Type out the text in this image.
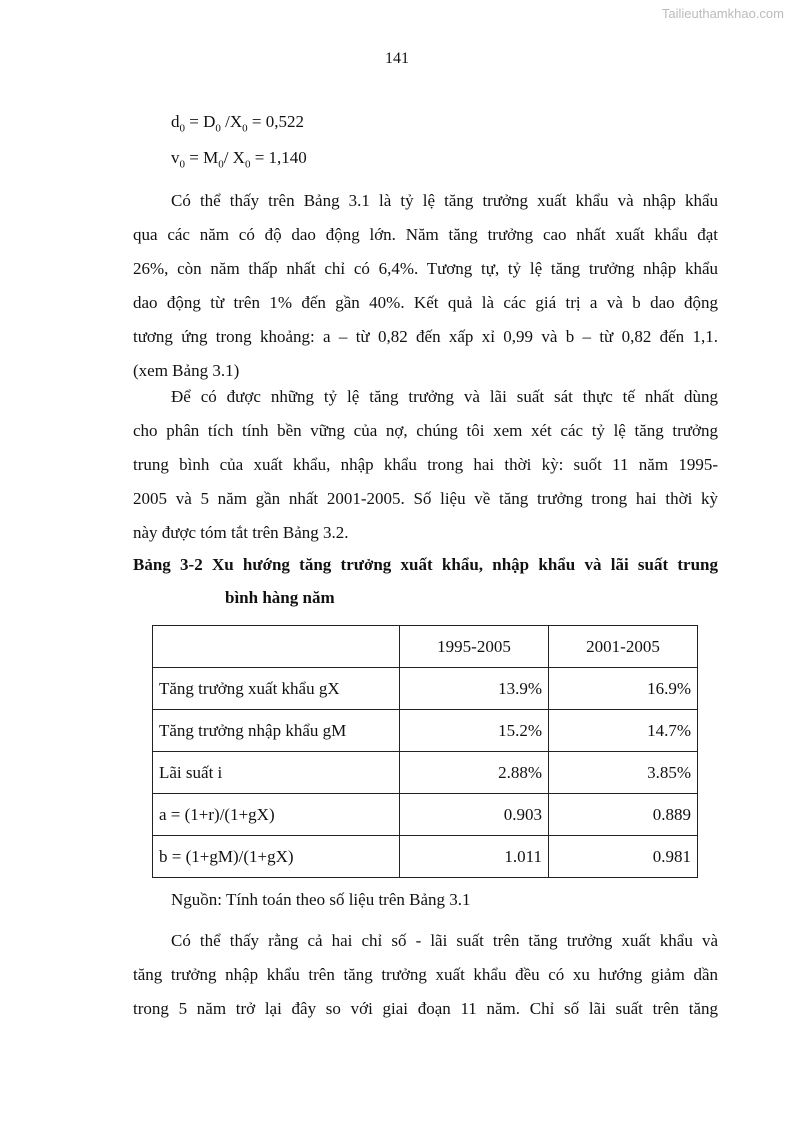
Tailieuthamkhao.com
141
$d_0 = D_0$ $/X_0 = 0,522$
$v_0 = M_0/$ $X_0 = 1,140$
Có thể thấy trên Bảng 3.1 là tỷ lệ tăng trưởng xuất khẩu và nhập khẩu
qua các năm có độ dao động lớn. Năm tăng trưởng cao nhất xuất khẩu đạt
26%, còn năm thấp nhất chỉ có 6,4%. Tương tự, tỷ lệ tăng trưởng nhập khẩu
dao động từ trên 1% đến gần 40%. Kết quả là các giá trị a và b dao động
tương ứng trong khoảng: a – từ 0,82 đến xấp xỉ 0,99 và b – từ 0,82 đến 1,1.
(xem Bảng 3.1)
Để có được những tỷ lệ tăng trưởng và lãi suất sát thực tế nhất dùng
cho phân tích tính bền vững của nợ, chúng tôi xem xét các tỷ lệ tăng trưởng
trung bình của xuất khẩu, nhập khẩu trong hai thời kỳ: suốt 11 năm 1995-
2005 và 5 năm gần nhất 2001-2005. Số liệu về tăng trưởng trong hai thời kỳ
này được tóm tắt trên Bảng 3.2.
Bảng 3-2 Xu hướng tăng trưởng xuất khẩu, nhập khẩu và lãi suất trung
bình hàng năm
	1995-2005	2001-2005
Tăng trưởng xuất khẩu gX	13.9%	16.9%
Tăng trưởng nhập khẩu gM	15.2%	14.7%
Lãi suất i	2.88%	3.85%
a = (1+r)/(1+gX)	0.903	0.889
b = (1+gM)/(1+gX)	1.011	0.981
Nguồn: Tính toán theo số liệu trên Bảng 3.1
Có thể thấy rằng cả hai chỉ số - lãi suất trên tăng trưởng xuất khẩu và
tăng trưởng nhập khẩu trên tăng trưởng xuất khẩu đều có xu hướng giảm dần
trong 5 năm trở lại đây so với giai đoạn 11 năm. Chỉ số lãi suất trên tăng
